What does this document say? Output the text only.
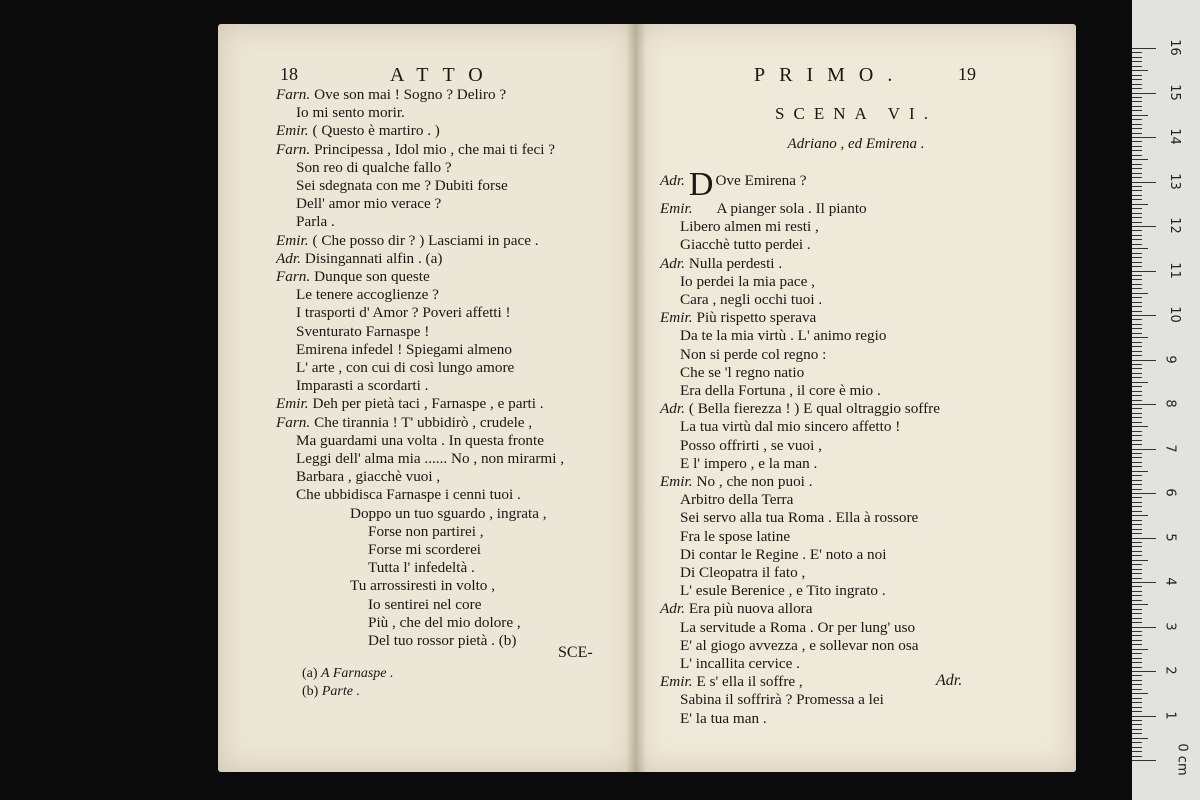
18	ATTO
Farn. Ove son mai ! Sogno ? Deliro ?
Io mi sento morir.
Emir. ( Questo è martiro . )
Farn. Principessa , Idol mio , che mai ti feci ?
Son reo di qualche fallo ?
Sei sdegnata con me ? Dubiti forse
Dell' amor mio verace ?
Parla .
Emir. ( Che posso dir ? ) Lasciami in pace .
Adr. Disingannati alfin . (a)
Farn. Dunque son queste
Le tenere accoglienze ?
I trasporti d' Amor ? Poveri affetti !
Sventurato Farnaspe !
Emirena infedel ! Spiegami almeno
L' arte , con cui di così lungo amore
Imparasti a scordarti .
Emir. Deh per pietà taci , Farnaspe , e parti .
Farn. Che tirannia ! T' ubbidirò , crudele ,
Ma guardami una volta . In questa fronte
Leggi dell' alma mia ...... No , non mirarmi ,
Barbara , giacchè vuoi ,
Che ubbidisca Farnaspe i cenni tuoi .
Doppo un tuo sguardo , ingrata ,
Forse non partirei ,
Forse mi scorderei
Tutta l' infedeltà .
Tu arrossiresti in volto ,
Io sentirei nel core
Più , che del mio dolore ,
Del tuo rossor pietà . (b)
SCE-
(a) A Farnaspe .
(b) Parte .
PRIMO.	19
SCENA VI.
Adriano , ed Emirena .
Adr. D Ove Emirena ?
Emir. A pianger sola . Il pianto
Libero almen mi resti ,
Giacchè tutto perdei .
Adr. Nulla perdesti .
Io perdei la mia pace ,
Cara , negli occhi tuoi .
Emir. Più rispetto sperava
Da te la mia virtù . L' animo regio
Non si perde col regno :
Che se 'l regno natio
Era della Fortuna , il core è mio .
Adr. ( Bella fierezza ! ) E qual oltraggio soffre
La tua virtù dal mio sincero affetto !
Posso offrirti , se vuoi ,
E l' impero , e la man .
Emir. No , che non puoi .
Arbitro della Terra
Sei servo alla tua Roma . Ella à rossore
Fra le spose latine
Di contar le Regine . E' noto a noi
Di Cleopatra il fato ,
L' esule Berenice , e Tito ingrato .
Adr. Era più nuova allora
La servitude a Roma . Or per lung' uso
E' al giogo avvezza , e sollevar non osa
L' incallita cervice .
Emir. E s' ella il soffre ,
Sabina il soffrirà ? Promessa a lei
E' la tua man .
Adr.
0 cm
1
2
3
4
5
6
7
8
9
10
11
12
13
14
15
16
